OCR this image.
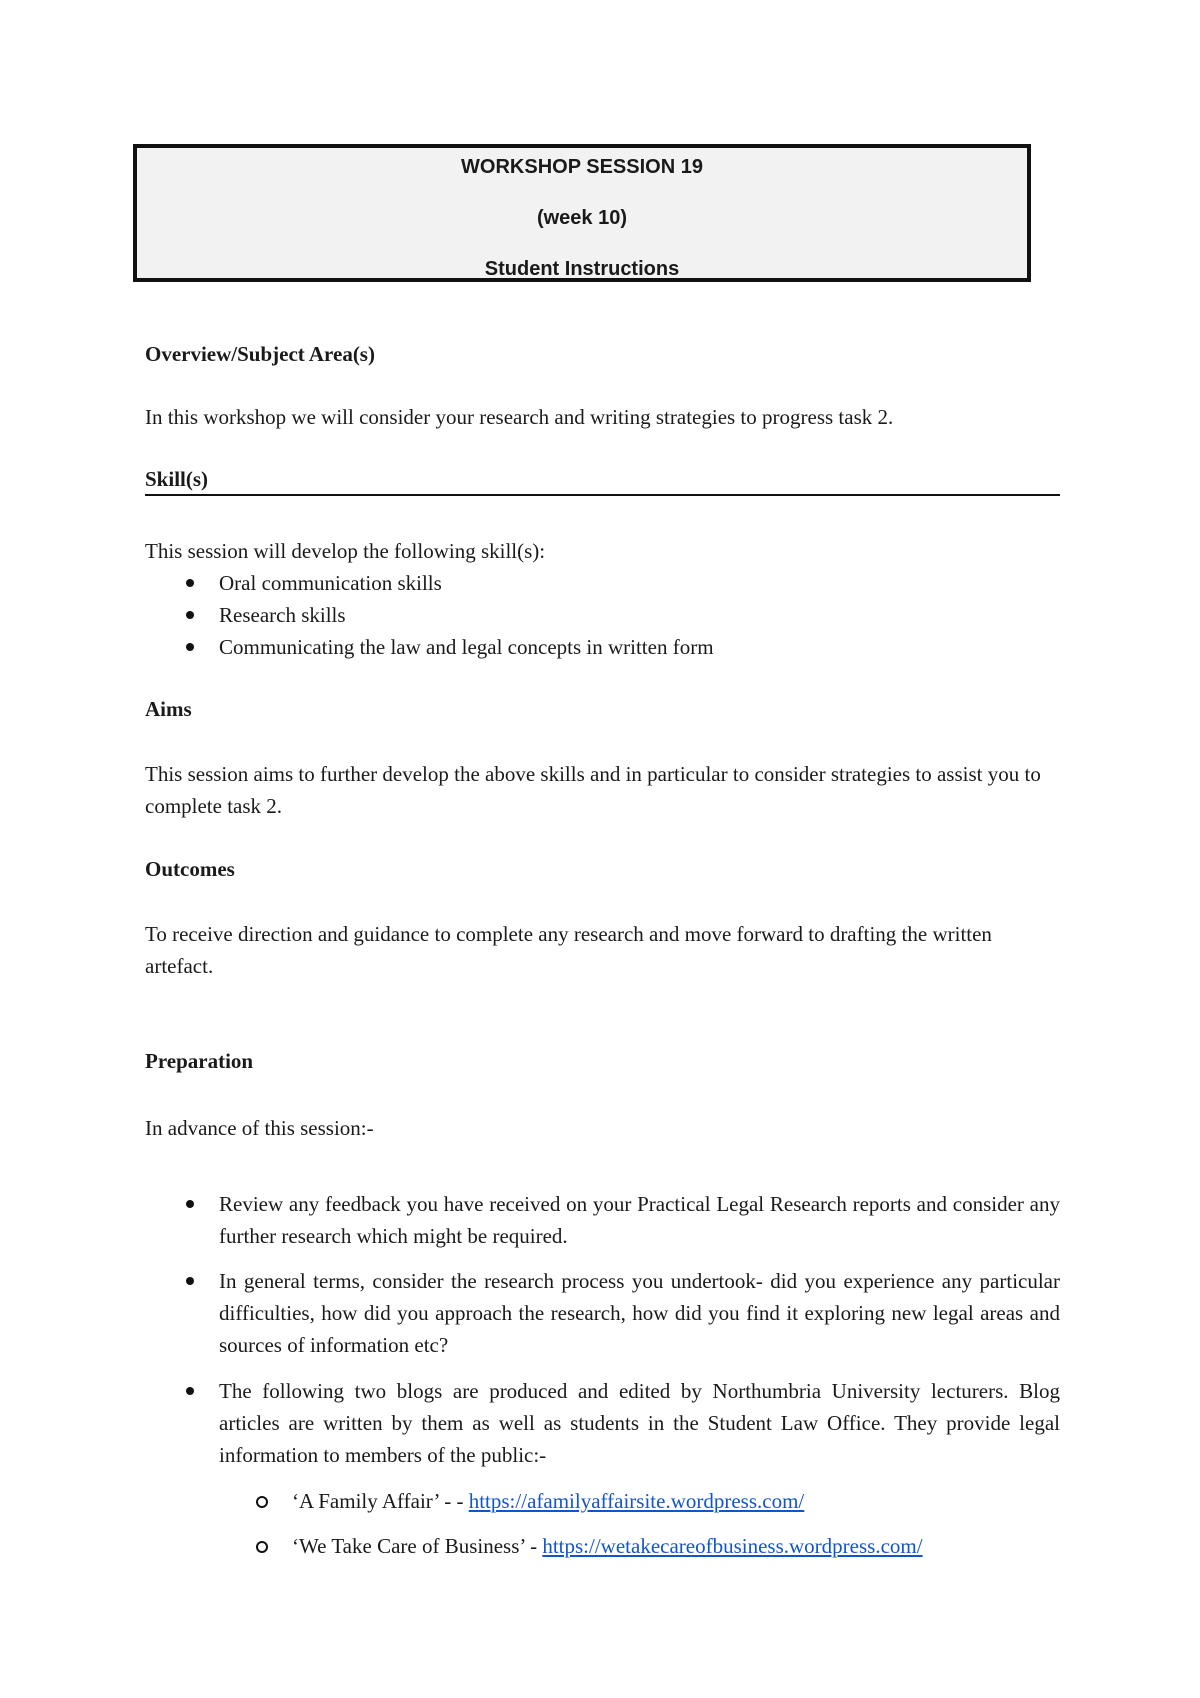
WORKSHOP SESSION 19
(week 10)
Student Instructions
Overview/Subject Area(s)
In this workshop we will consider your research and writing strategies to progress task 2.
Skill(s)
This session will develop the following skill(s):
Oral communication skills
Research skills
Communicating the law and legal concepts in written form
Aims
This session aims to further develop the above skills and in particular to consider strategies to assist you to complete task 2.
Outcomes
To receive direction and guidance to complete any research and move forward to drafting the written artefact.
Preparation
In advance of this session:-
Review any feedback you have received on your Practical Legal Research reports and consider any further research which might be required.
In general terms, consider the research process you undertook- did you experience any particular difficulties, how did you approach the research, how did you find it exploring new legal areas and sources of information etc?
The following two blogs are produced and edited by Northumbria University lecturers. Blog articles are written by them as well as students in the Student Law Office. They provide legal information to members of the public:-
‘A Family Affair’ - - https://afamilyaffairsite.wordpress.com/
‘We Take Care of Business’ - https://wetakecareofbusiness.wordpress.com/
